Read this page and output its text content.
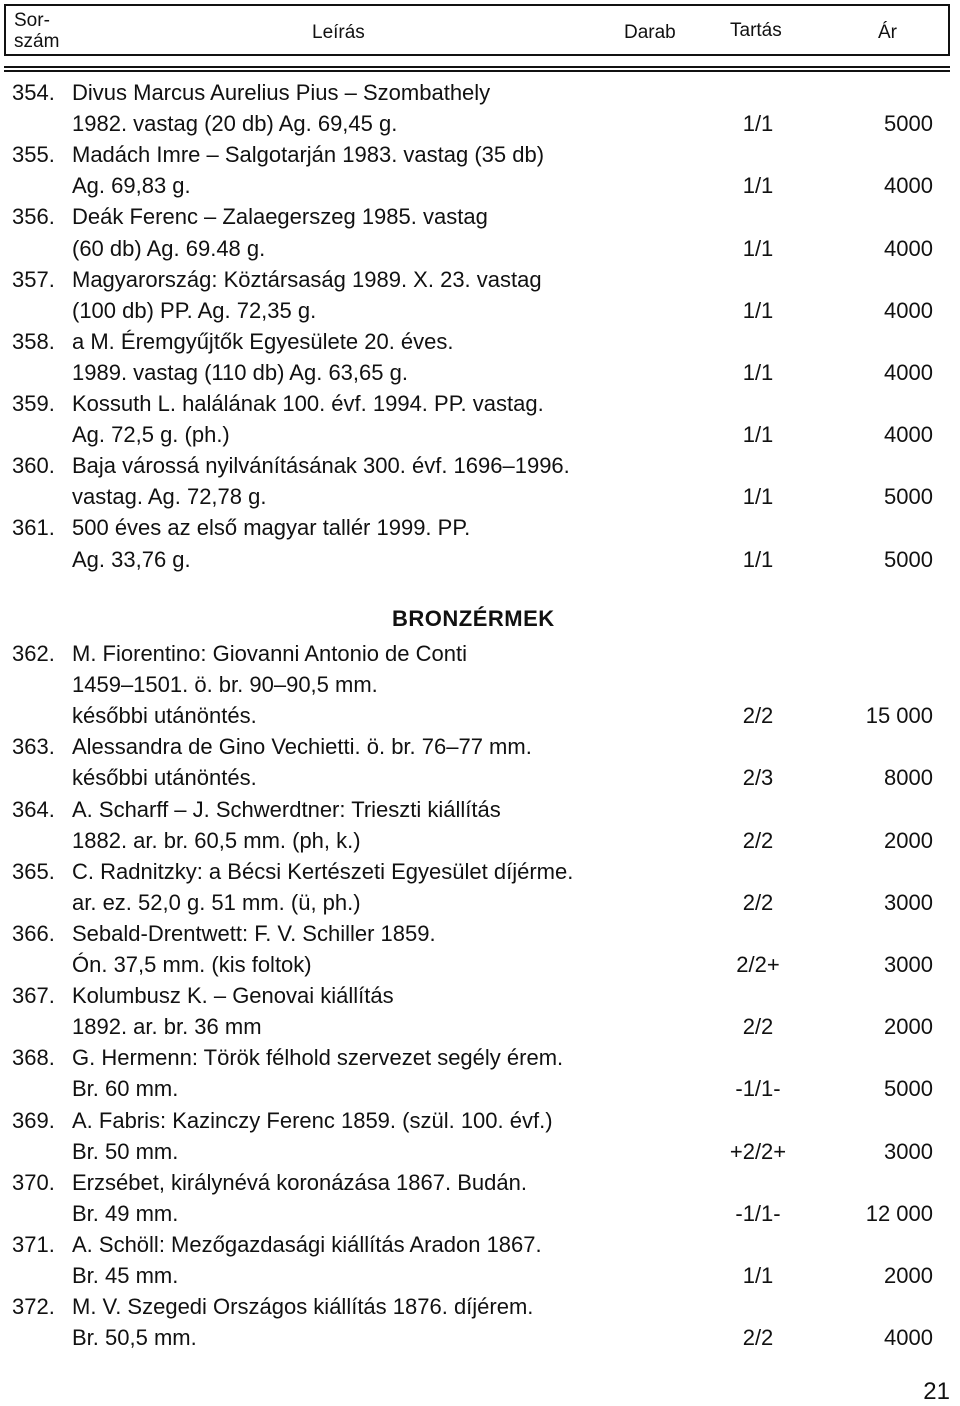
Sor-
szám	Leírás	Darab	Tartás	Ár
354. Divus Marcus Aurelius Pius – Szombathely
1982. vastag (20 db) Ag. 69,45 g.	1/1	5000
355. Madách Imre – Salgotarján 1983. vastag (35 db)
Ag. 69,83 g.	1/1	4000
356. Deák Ferenc – Zalaegerszeg 1985. vastag
(60 db) Ag. 69.48 g.	1/1	4000
357. Magyarország: Köztársaság 1989. X. 23. vastag
(100 db) PP. Ag. 72,35 g.	1/1	4000
358. a M. Éremgyűjtők Egyesülete 20. éves.
1989. vastag (110 db) Ag. 63,65 g.	1/1	4000
359. Kossuth L. halálának 100. évf. 1994. PP. vastag.
Ag. 72,5 g. (ph.)	1/1	4000
360. Baja várossá nyilvánításának 300. évf. 1696–1996.
vastag. Ag. 72,78 g.	1/1	5000
361. 500 éves az első magyar tallér 1999. PP.
Ag. 33,76 g.	1/1	5000
BRONZÉRMEK
362. M. Fiorentino: Giovanni Antonio de Conti
1459–1501. ö. br. 90–90,5 mm.
későbbi utánöntés.	2/2	15 000
363. Alessandra de Gino Vechietti. ö. br. 76–77 mm.
későbbi utánöntés.	2/3	8000
364. A. Scharff – J. Schwerdtner: Trieszti kiállítás
1882. ar. br. 60,5 mm. (ph, k.)	2/2	2000
365. C. Radnitzky: a Bécsi Kertészeti Egyesület díjérme.
ar. ez. 52,0 g. 51 mm. (ü, ph.)	2/2	3000
366. Sebald-Drentwett: F. V. Schiller 1859.
Ón. 37,5 mm. (kis foltok)	2/2+	3000
367. Kolumbusz K. – Genovai kiállítás
1892. ar. br. 36 mm	2/2	2000
368. G. Hermenn: Török félhold szervezet segély érem.
Br. 60 mm.	-1/1-	5000
369. A. Fabris: Kazinczy Ferenc 1859. (szül. 100. évf.)
Br. 50 mm.	+2/2+	3000
370. Erzsébet, királynévá koronázása 1867. Budán.
Br. 49 mm.	-1/1-	12 000
371. A. Schöll: Mezőgazdasági kiállítás Aradon 1867.
Br. 45 mm.	1/1	2000
372. M. V. Szegedi Országos kiállítás 1876. díjérem.
Br. 50,5 mm.	2/2	4000
21
